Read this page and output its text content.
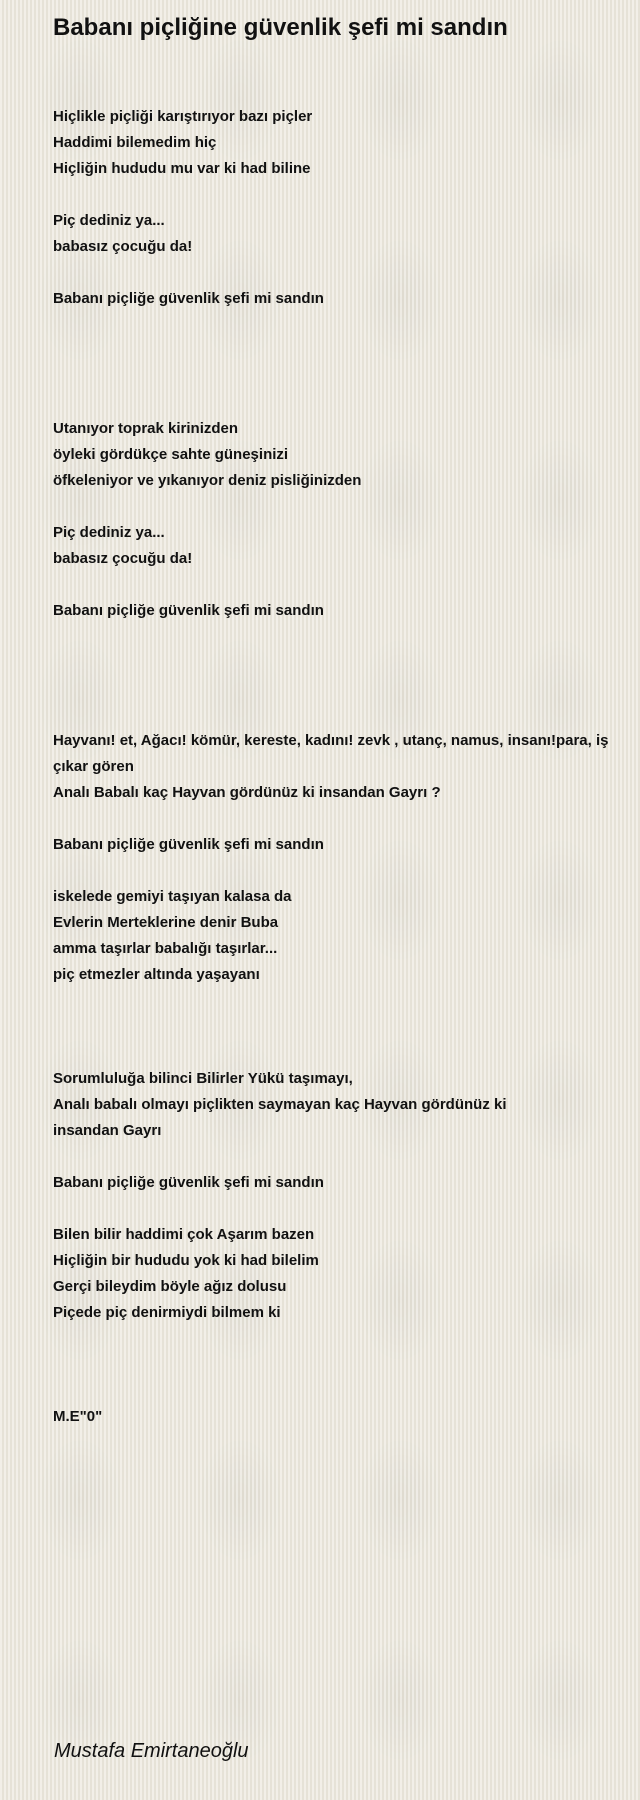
Babanı piçliğine güvenlik şefi mi sandın
Hiçlikle piçliği karıştırıyor bazı piçler
Haddimi bilemedim hiç
Hiçliğin hududu mu var ki had biline
Piç dediniz ya...
babasız çocuğu da!
Babanı piçliğe güvenlik şefi mi sandın
Utanıyor toprak kirinizden
öyleki gördükçe sahte güneşinizi
öfkeleniyor ve yıkanıyor deniz pisliğinizden
Piç dediniz ya...
babasız çocuğu da!
Babanı piçliğe güvenlik şefi mi sandın
Hayvanı! et, Ağacı! kömür, kereste, kadını! zevk , utanç, namus, insanı!para, iş
çıkar gören
Analı Babalı kaç Hayvan gördünüz ki insandan Gayrı ?
Babanı piçliğe güvenlik şefi mi sandın
iskelede gemiyi taşıyan kalasa da
Evlerin Merteklerine denir Buba
amma taşırlar babalığı taşırlar...
piç etmezler altında yaşayanı
Sorumluluğa bilinci Bilirler Yükü taşımayı,
Analı babalı olmayı piçlikten saymayan kaç Hayvan gördünüz ki
insandan Gayrı
Babanı piçliğe güvenlik şefi mi sandın
Bilen bilir haddimi çok Aşarım bazen
Hiçliğin bir hududu yok ki had bilelim
Gerçi bileydim böyle ağız dolusu
Piçede piç denirmiydi bilmem ki
M.E"0"
Mustafa Emirtaneoğlu
